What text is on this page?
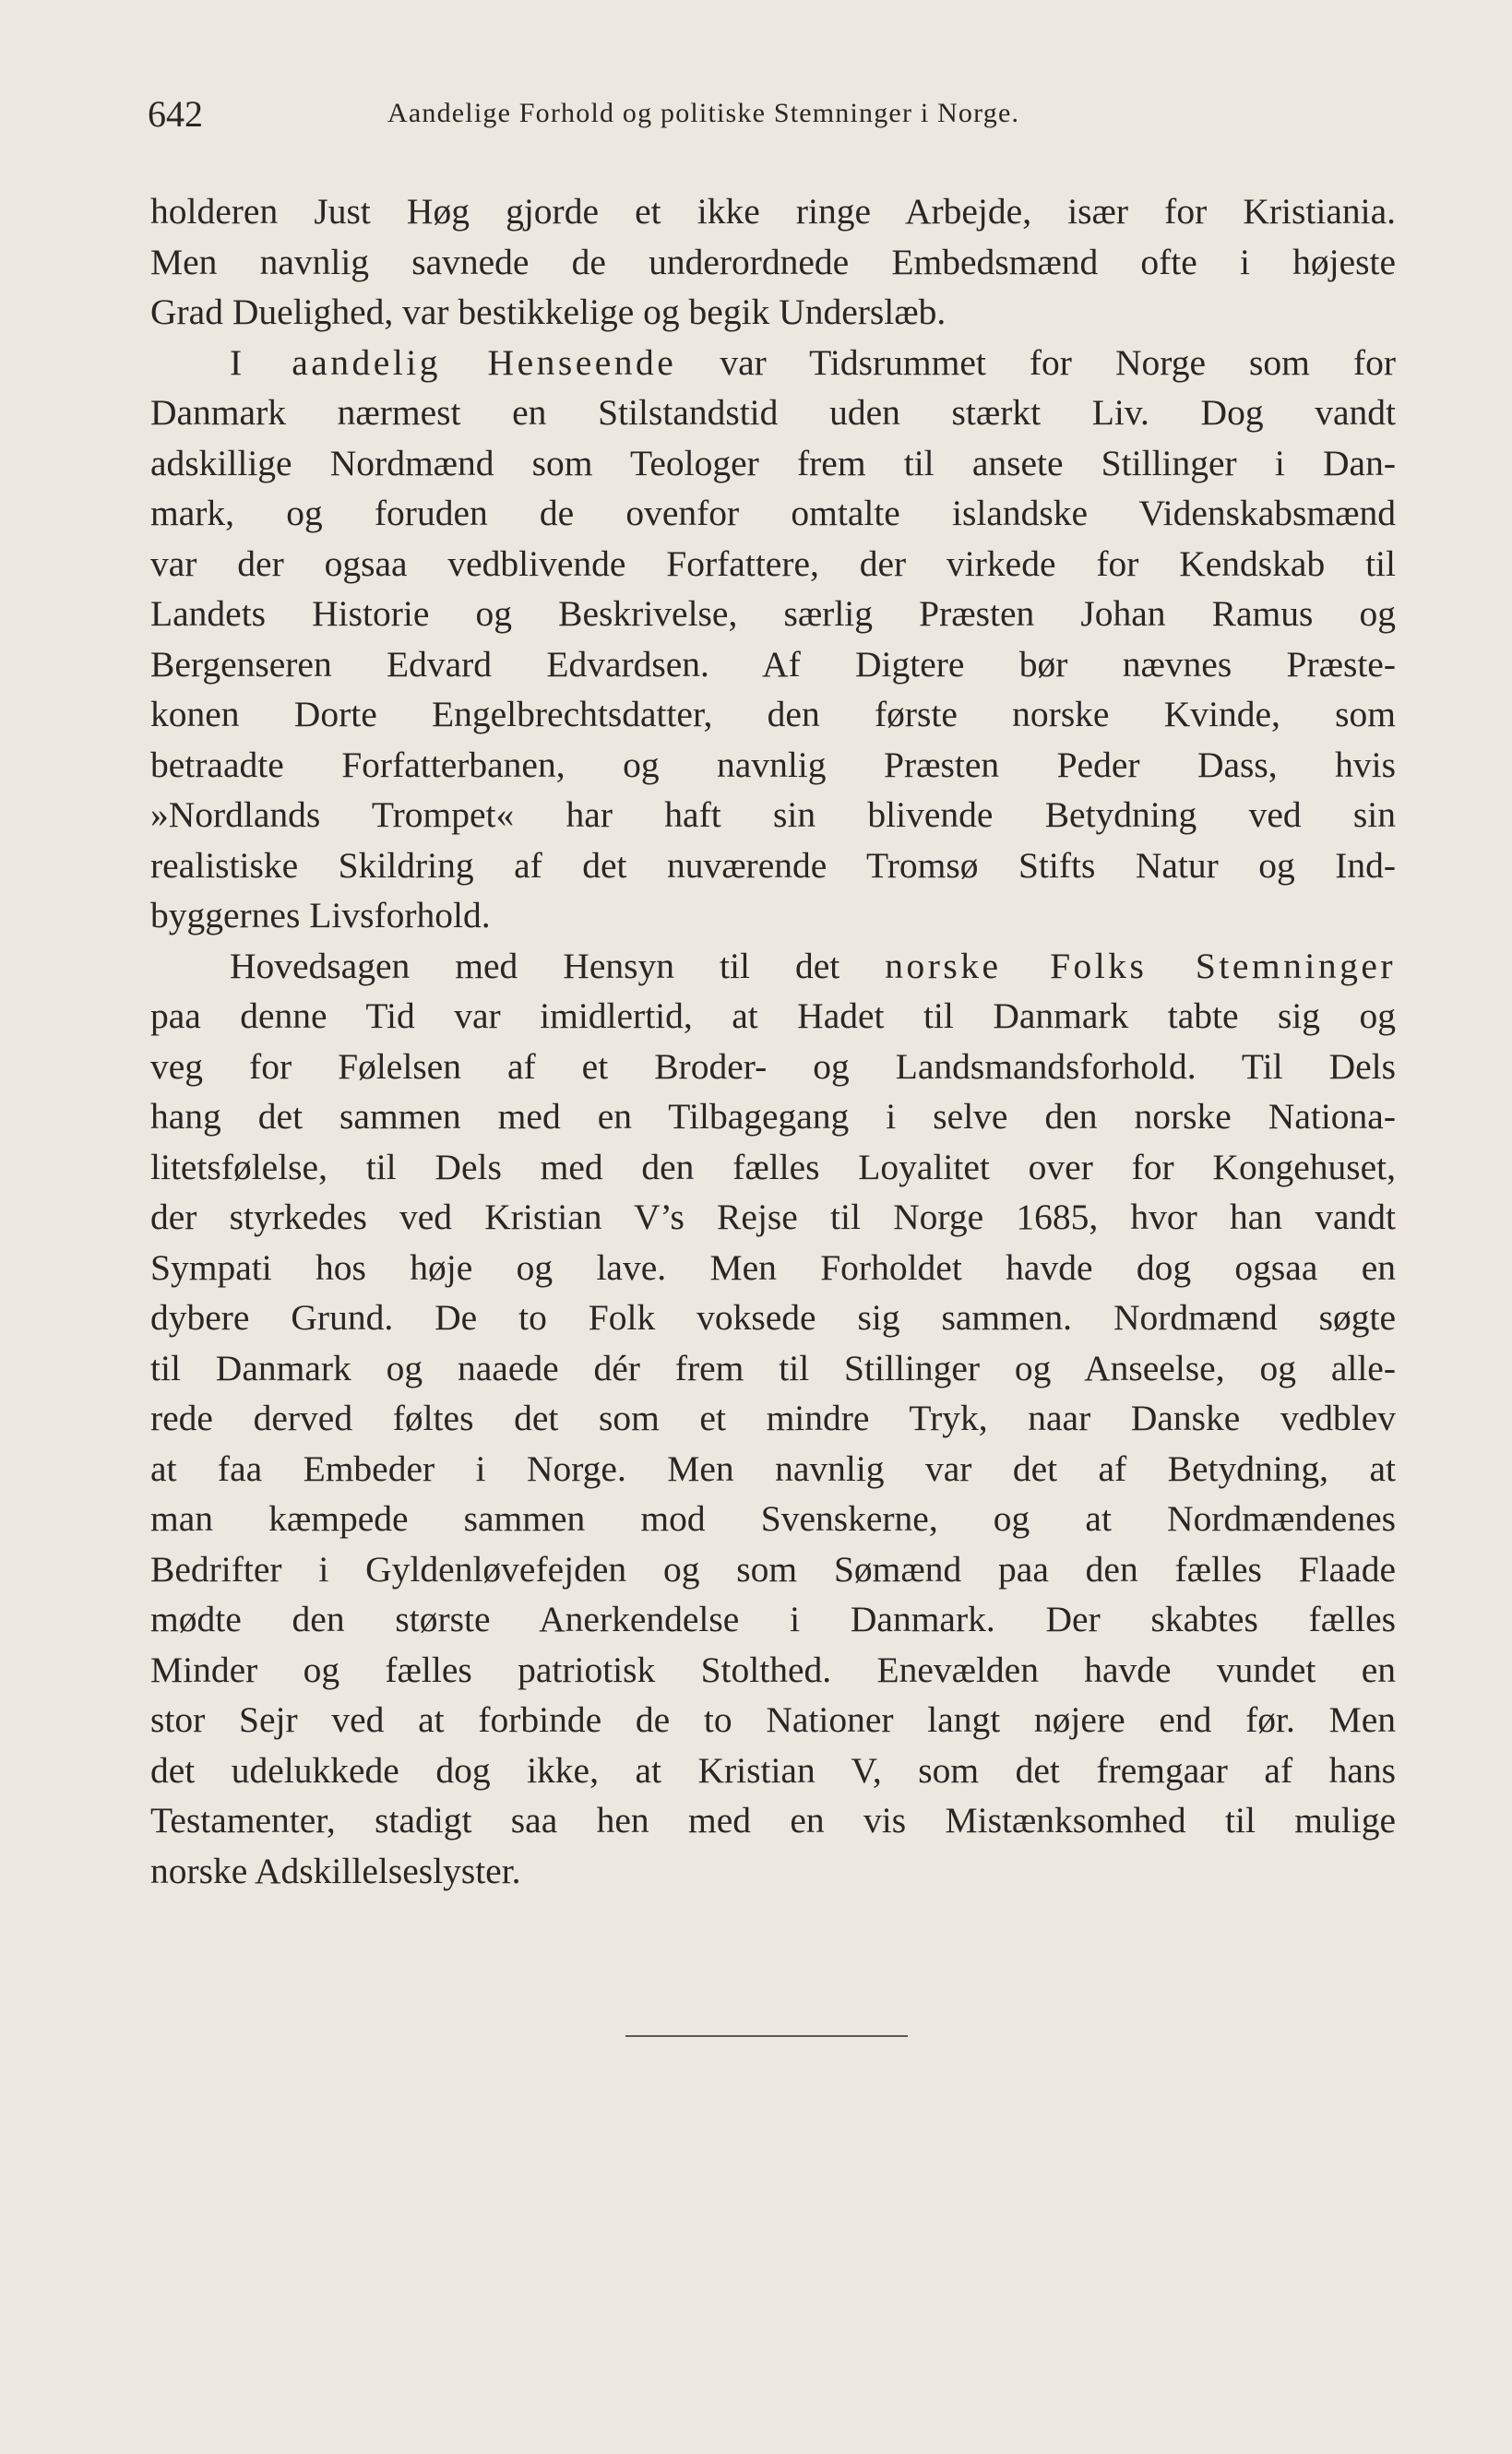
642	Aandelige Forhold og politiske Stemninger i Norge.
holderen Just Høg gjorde et ikke ringe Arbejde, især for Kristiania.
Men navnlig savnede de underordnede Embedsmænd ofte i højeste
Grad Duelighed, var bestikkelige og begik Underslæb.
I aandelig Henseende var Tidsrummet for Norge som for
Danmark nærmest en Stilstandstid uden stærkt Liv. Dog vandt
adskillige Nordmænd som Teologer frem til ansete Stillinger i Dan-
mark, og foruden de ovenfor omtalte islandske Videnskabsmænd
var der ogsaa vedblivende Forfattere, der virkede for Kendskab til
Landets Historie og Beskrivelse, særlig Præsten Johan Ramus og
Bergenseren Edvard Edvardsen. Af Digtere bør nævnes Præste-
konen Dorte Engelbrechtsdatter, den første norske Kvinde, som
betraadte Forfatterbanen, og navnlig Præsten Peder Dass, hvis
»Nordlands Trompet« har haft sin blivende Betydning ved sin
realistiske Skildring af det nuværende Tromsø Stifts Natur og Ind-
byggernes Livsforhold.
Hovedsagen med Hensyn til det norske Folks Stemninger
paa denne Tid var imidlertid, at Hadet til Danmark tabte sig og
veg for Følelsen af et Broder- og Landsmandsforhold. Til Dels
hang det sammen med en Tilbagegang i selve den norske Nationa-
litetsfølelse, til Dels med den fælles Loyalitet over for Kongehuset,
der styrkedes ved Kristian V’s Rejse til Norge 1685, hvor han vandt
Sympati hos høje og lave. Men Forholdet havde dog ogsaa en
dybere Grund. De to Folk voksede sig sammen. Nordmænd søgte
til Danmark og naaede dér frem til Stillinger og Anseelse, og alle-
rede derved føltes det som et mindre Tryk, naar Danske vedblev
at faa Embeder i Norge. Men navnlig var det af Betydning, at
man kæmpede sammen mod Svenskerne, og at Nordmændenes
Bedrifter i Gyldenløvefejden og som Sømænd paa den fælles Flaade
mødte den største Anerkendelse i Danmark. Der skabtes fælles
Minder og fælles patriotisk Stolthed. Enevælden havde vundet en
stor Sejr ved at forbinde de to Nationer langt nøjere end før. Men
det udelukkede dog ikke, at Kristian V, som det fremgaar af hans
Testamenter, stadigt saa hen med en vis Mistænksomhed til mulige
norske Adskillelseslyster.
